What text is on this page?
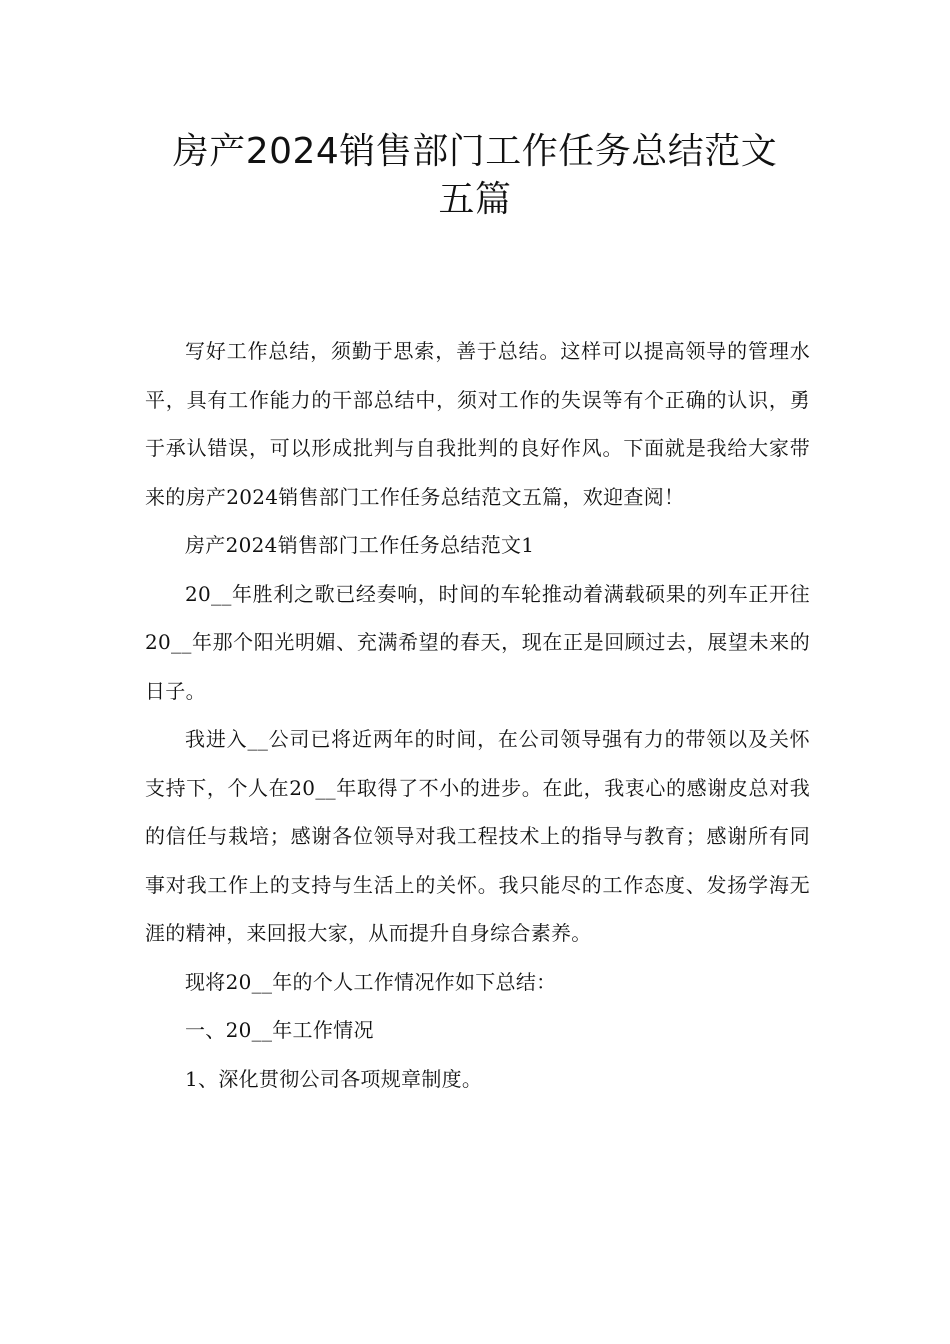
房产2024销售部门工作任务总结范文
五篇

写好工作总结，须勤于思索，善于总结。这样可以提高领导的管理水平，具有工作能力的干部总结中，须对工作的失误等有个正确的认识，勇于承认错误，可以形成批判与自我批判的良好作风。下面就是我给大家带来的房产2024销售部门工作任务总结范文五篇，欢迎查阅！

房产2024销售部门工作任务总结范文1

20__年胜利之歌已经奏响，时间的车轮推动着满载硕果的列车正开往20__年那个阳光明媚、充满希望的春天，现在正是回顾过去，展望未来的日子。

我进入__公司已将近两年的时间，在公司领导强有力的带领以及关怀支持下，个人在20__年取得了不小的进步。在此，我衷心的感谢皮总对我的信任与栽培；感谢各位领导对我工程技术上的指导与教育；感谢所有同事对我工作上的支持与生活上的关怀。我只能尽的工作态度、发扬学海无涯的精神，来回报大家，从而提升自身综合素养。

现将20__年的个人工作情况作如下总结：

一、20__年工作情况

1、深化贯彻公司各项规章制度。
